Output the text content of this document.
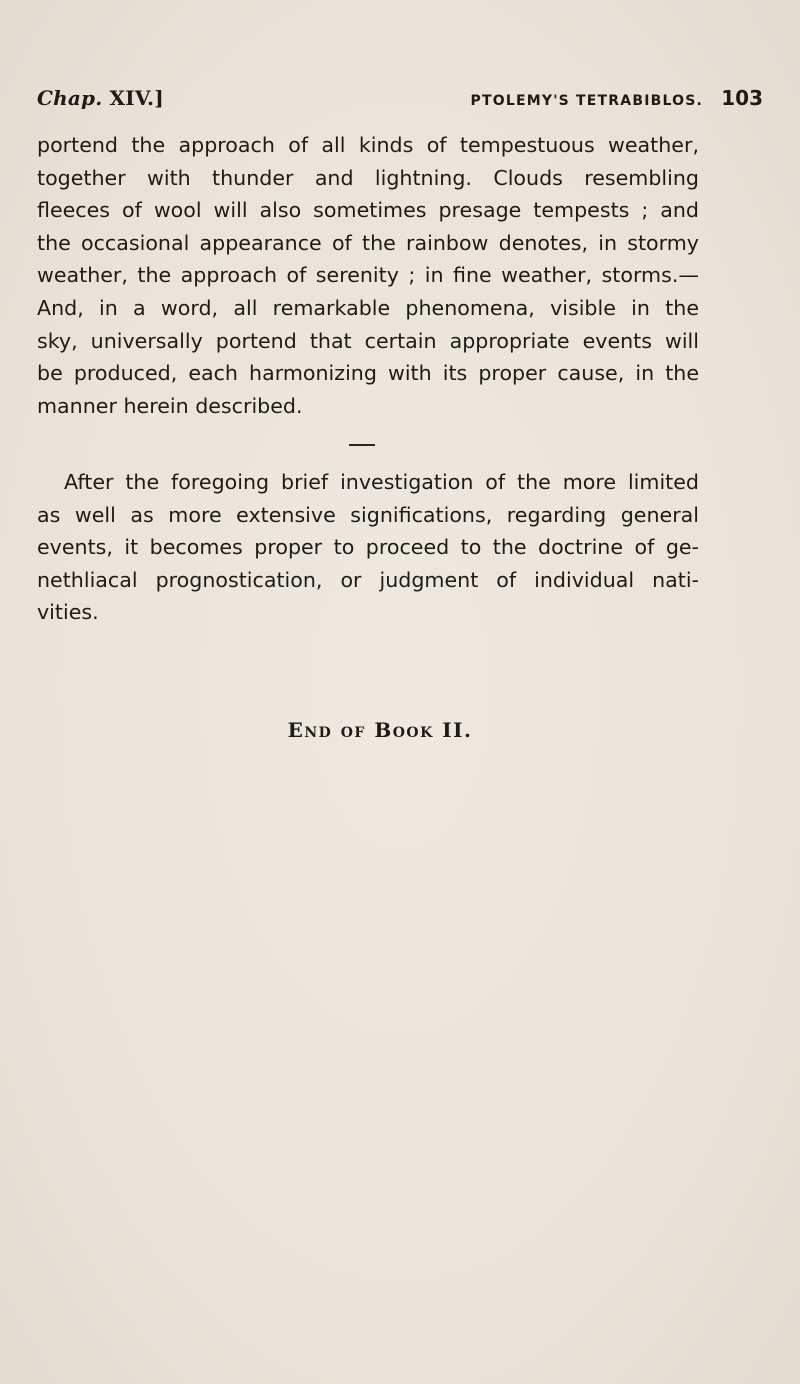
Chap. XIV.]	PTOLEMY'S TETRABIBLOS. 103
portend the approach of all kinds of tempestuous weather,
together with thunder and lightning. Clouds resembling
fleeces of wool will also sometimes presage tempests ; and
the occasional appearance of the rainbow denotes, in stormy
weather, the approach of serenity ; in fine weather, storms.—
And, in a word, all remarkable phenomena, visible in the
sky, universally portend that certain appropriate events will
be produced, each harmonizing with its proper cause, in the
manner herein described.
After the foregoing brief investigation of the more limited
as well as more extensive significations, regarding general
events, it becomes proper to proceed to the doctrine of ge-
nethliacal prognostication, or judgment of individual nati-
vities.
End of Book II.
